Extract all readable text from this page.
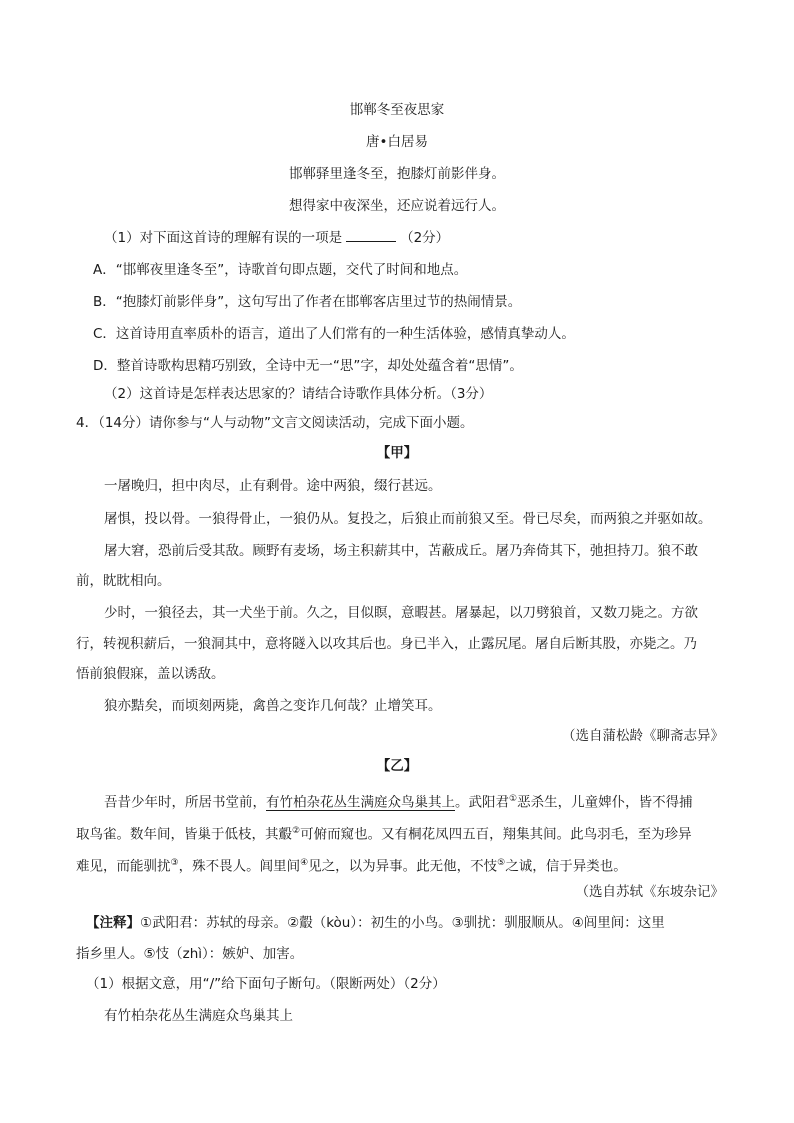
邯郸冬至夜思家
唐•白居易
邯郸驿里逢冬至，抱膝灯前影伴身。
想得家中夜深坐，还应说着远行人。
（1）对下面这首诗的理解有误的一项是	（2分）
A．“邯郸夜里逢冬至”，诗歌首句即点题，交代了时间和地点。
B．“抱膝灯前影伴身”，这句写出了作者在邯郸客店里过节的热闹情景。
C．这首诗用直率质朴的语言，道出了人们常有的一种生活体验，感情真挚动人。
D．整首诗歌构思精巧别致，全诗中无一“思”字，却处处蕴含着“思情”。
（2）这首诗是怎样表达思家的？请结合诗歌作具体分析。（3分）
4．（14分）请你参与“人与动物”文言文阅读活动，完成下面小题。
【甲】
一屠晚归，担中肉尽，止有剩骨。途中两狼，缀行甚远。
屠惧，投以骨。一狼得骨止，一狼仍从。复投之，后狼止而前狼又至。骨已尽矣，而两狼之并驱如故。
屠大窘，恐前后受其敌。顾野有麦场，场主积薪其中，苫蔽成丘。屠乃奔倚其下，弛担持刀。狼不敢
前，眈眈相向。
少时，一狼径去，其一犬坐于前。久之，目似瞑，意暇甚。屠暴起，以刀劈狼首，又数刀毙之。方欲
行，转视积薪后，一狼洞其中，意将隧入以攻其后也。身已半入，止露尻尾。屠自后断其股，亦毙之。乃
悟前狼假寐，盖以诱敌。
狼亦黠矣，而顷刻两毙，禽兽之变诈几何哉？止增笑耳。
（选自蒲松龄《聊斋志异》
【乙】
吾昔少年时，所居书堂前，有竹柏杂花丛生满庭众鸟巢其上。武阳君①恶杀生，儿童婢仆，皆不得捕
取鸟雀。数年间，皆巢于低枝，其鷇②可俯而窥也。又有桐花凤四五百，翔集其间。此鸟羽毛，至为珍异
难见，而能驯扰③，殊不畏人。闾里间④见之，以为异事。此无他，不忮⑤之诚，信于异类也。
（选自苏轼《东坡杂记》
【注释】①武阳君：苏轼的母亲。②鷇（kòu）：初生的小鸟。③驯扰：驯服顺从。④闾里间：这里
指乡里人。⑤忮（zhì）：嫉妒、加害。
（1）根据文意，用“/”给下面句子断句。（限断两处）（2分）
有竹柏杂花丛生满庭众鸟巢其上
